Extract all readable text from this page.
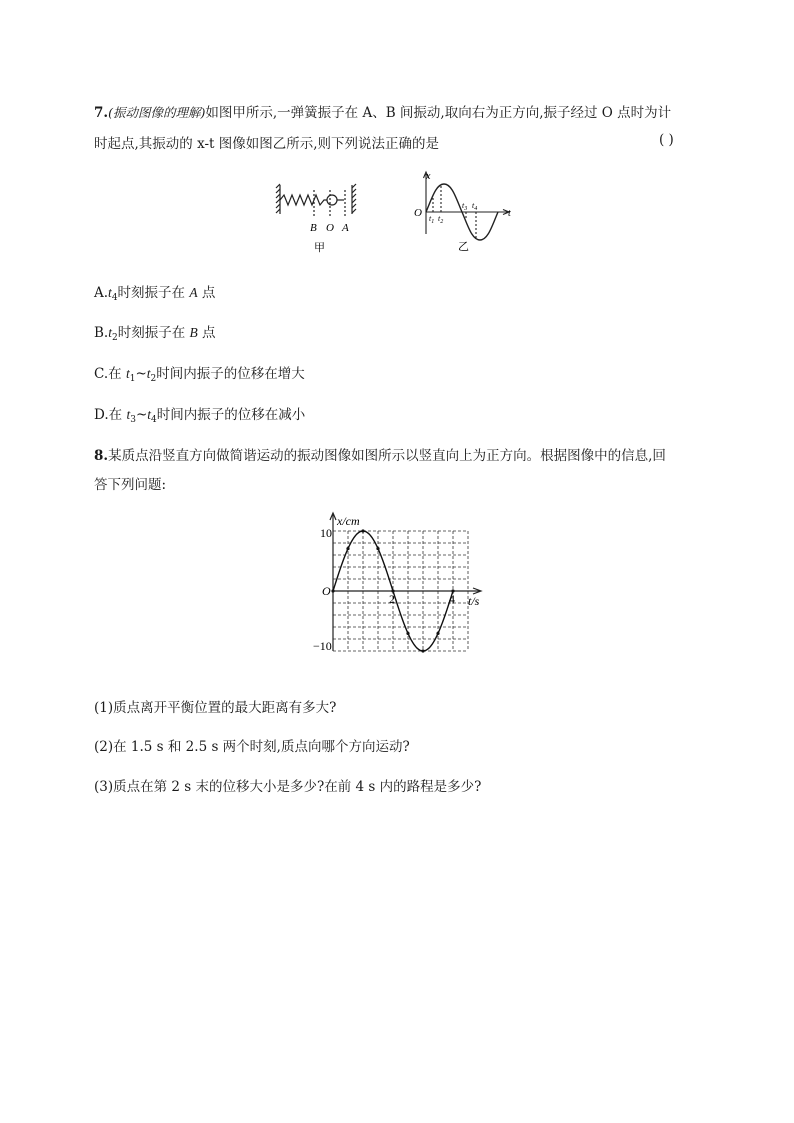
7.(振动图像的理解)如图甲所示,一弹簧振子在 A、B 间振动,取向右为正方向,振子经过 O 点时为计
时起点,其振动的 x-t 图像如图乙所示,则下列说法正确的是	( )
B O A
甲
x
O	t
$t_1$ $t_2$
$t_3$ $t_4$
乙
$A.t_4$时刻振子在 A 点
$B.t_2$时刻振子在 B 点
C.在 $t_1\sim t_2$时间内振子的位移在增大
D.在 $t_3\sim t_4$时间内振子的位移在减小
8.某质点沿竖直方向做简谐运动的振动图像如图所示以竖直向上为正方向。根据图像中的信息,回
答下列问题:
x/cm
10
O
−10
2	4 t/s
(1)质点离开平衡位置的最大距离有多大?
(2)在 1.5 s 和 2.5 s 两个时刻,质点向哪个方向运动?
(3)质点在第 2 s 末的位移大小是多少?在前 4 s 内的路程是多少?
